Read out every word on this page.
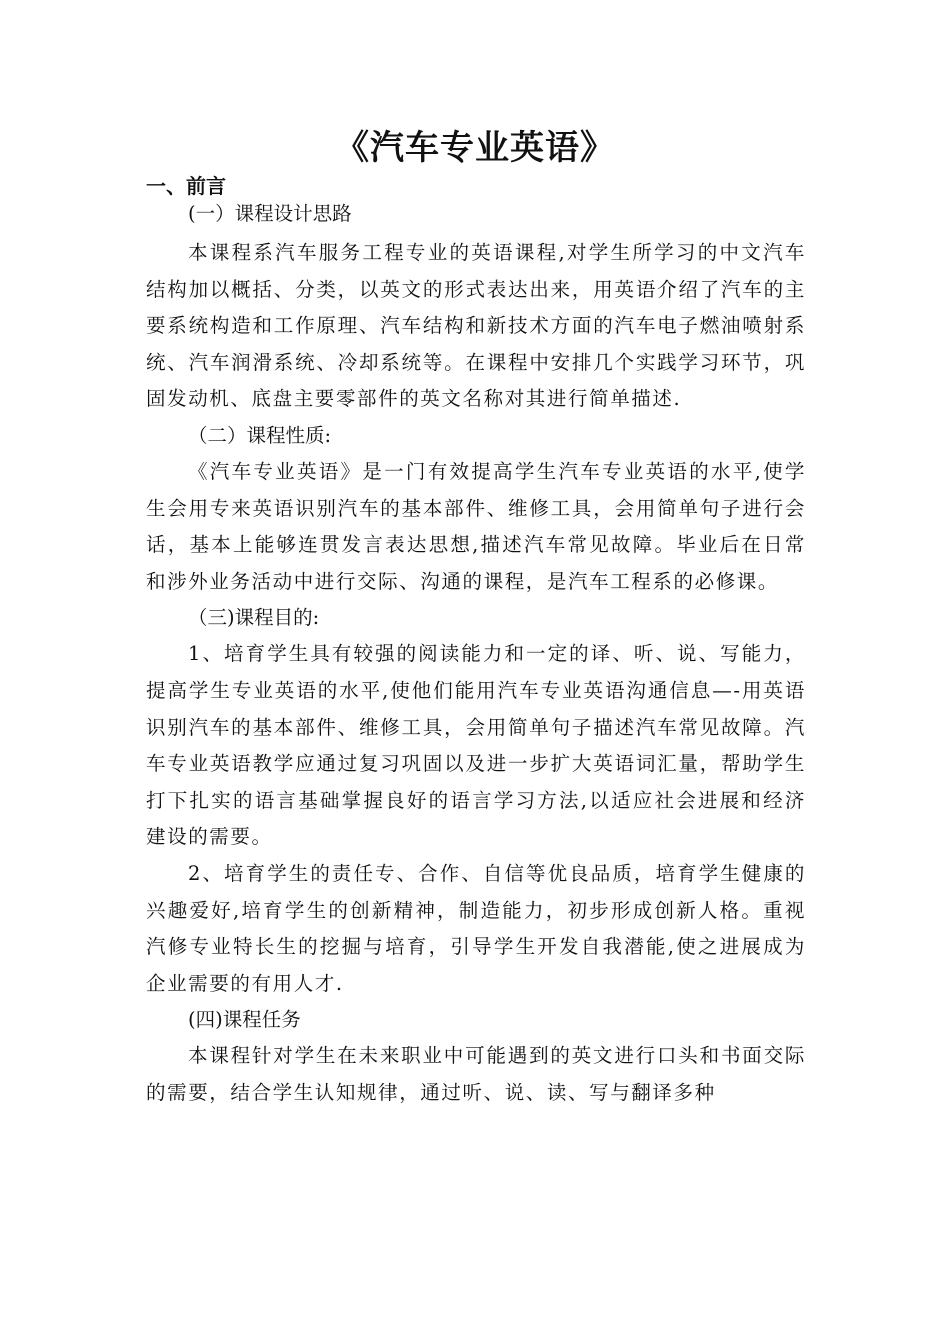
《汽车专业英语》
一、前言

(一）课程设计思路

本课程系汽车服务工程专业的英语课程,对学生所学习的中文汽车结构加以概括、分类，以英文的形式表达出来，用英语介绍了汽车的主要系统构造和工作原理、汽车结构和新技术方面的汽车电子燃油喷射系统、汽车润滑系统、冷却系统等。在课程中安排几个实践学习环节，巩固发动机、底盘主要零部件的英文名称对其进行简单描述.

（二）课程性质:

《汽车专业英语》是一门有效提高学生汽车专业英语的水平,使学生会用专来英语识别汽车的基本部件、维修工具，会用简单句子进行会话，基本上能够连贯发言表达思想,描述汽车常见故障。毕业后在日常和涉外业务活动中进行交际、沟通的课程，是汽车工程系的必修课。

（三)课程目的:

1、培育学生具有较强的阅读能力和一定的译、听、说、写能力，提高学生专业英语的水平,使他们能用汽车专业英语沟通信息—-用英语识别汽车的基本部件、维修工具，会用简单句子描述汽车常见故障。汽车专业英语教学应通过复习巩固以及进一步扩大英语词汇量，帮助学生打下扎实的语言基础掌握良好的语言学习方法,以适应社会进展和经济建设的需要。

2、培育学生的责任专、合作、自信等优良品质，培育学生健康的兴趣爱好,培育学生的创新精神，制造能力，初步形成创新人格。重视汽修专业特长生的挖掘与培育，引导学生开发自我潜能,使之进展成为企业需要的有用人才.

(四)课程任务

本课程针对学生在未来职业中可能遇到的英文进行口头和书面交际的需要，结合学生认知规律，通过听、说、读、写与翻译多种
